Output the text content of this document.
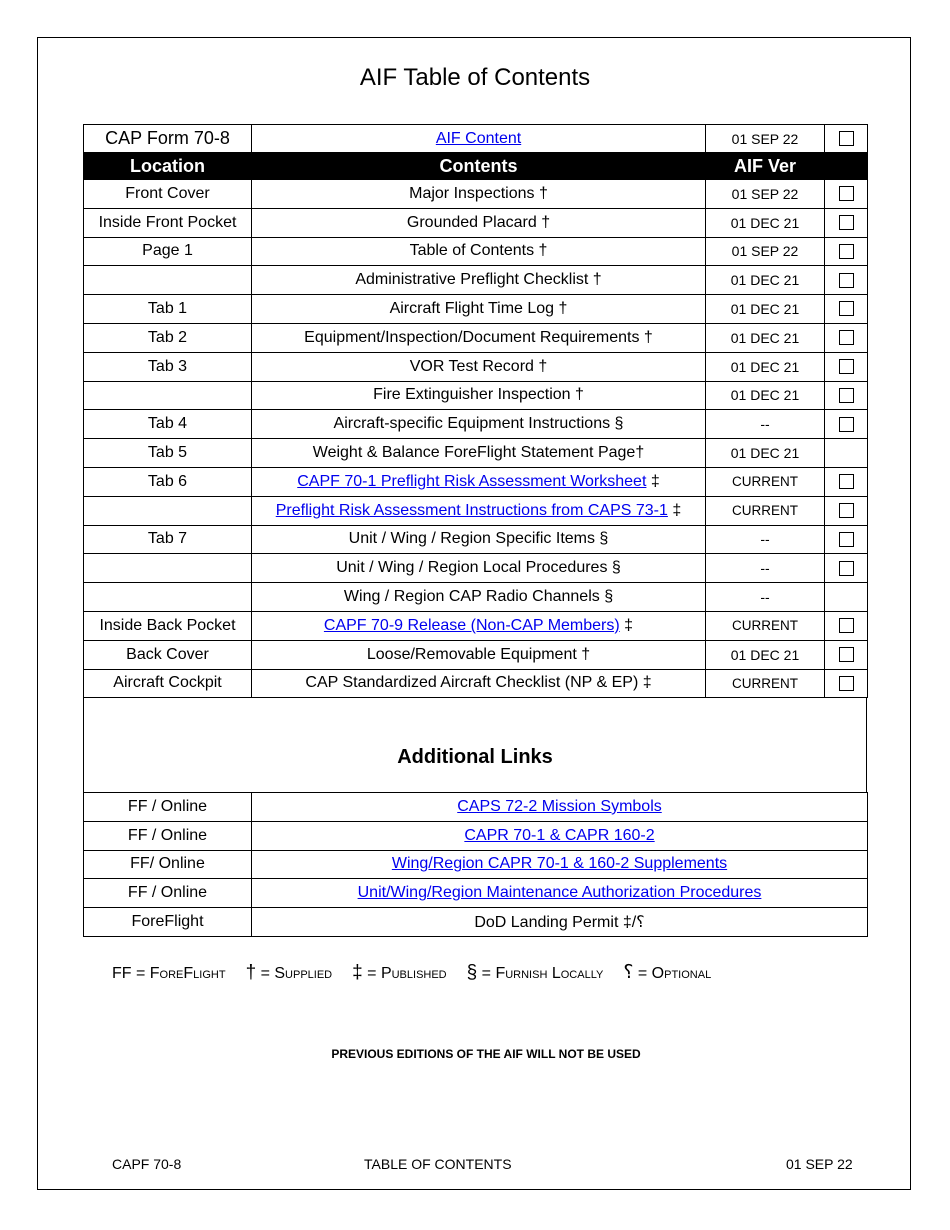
AIF Table of Contents
CAP Form 70-8	AIF Content	01 SEP 22	
Location	Contents	AIF Ver	
Front Cover	Major Inspections †	01 SEP 22	
Inside Front Pocket	Grounded Placard †	01 DEC 21	
Page 1	Table of Contents †	01 SEP 22	
	Administrative Preflight Checklist †	01 DEC 21	
Tab 1	Aircraft Flight Time Log †	01 DEC 21	
Tab 2	Equipment/Inspection/Document Requirements †	01 DEC 21	
Tab 3	VOR Test Record †	01 DEC 21	
	Fire Extinguisher Inspection †	01 DEC 21	
Tab 4	Aircraft-specific Equipment Instructions §	--	
Tab 5	Weight & Balance ForeFlight Statement Page†	01 DEC 21	
Tab 6	CAPF 70-1 Preflight Risk Assessment Worksheet ‡	CURRENT	
	Preflight Risk Assessment Instructions from CAPS 73-1 ‡	CURRENT	
Tab 7	Unit / Wing / Region Specific Items §	--	
	Unit / Wing / Region Local Procedures §	--	
	Wing / Region CAP Radio Channels §	--	
Inside Back Pocket	CAPF 70-9 Release (Non-CAP Members) ‡	CURRENT	
Back Cover	Loose/Removable Equipment †	01 DEC 21	
Aircraft Cockpit	CAP Standardized Aircraft Checklist (NP & EP) ‡	CURRENT	
Additional Links
FF / Online	CAPS 72-2 Mission Symbols
FF / Online	CAPR 70-1 & CAPR 160-2
FF/ Online	Wing/Region CAPR 70-1 & 160-2 Supplements
FF / Online	Unit/Wing/Region Maintenance Authorization Procedures
ForeFlight	DoD Landing Permit ‡/⸮
FF = ForeFlight † = Supplied ‡ = Published § = Furnish Locally ⸮ = Optional
PREVIOUS EDITIONS OF THE AIF WILL NOT BE USED
CAPF 70-8	TABLE OF CONTENTS	01 SEP 22
